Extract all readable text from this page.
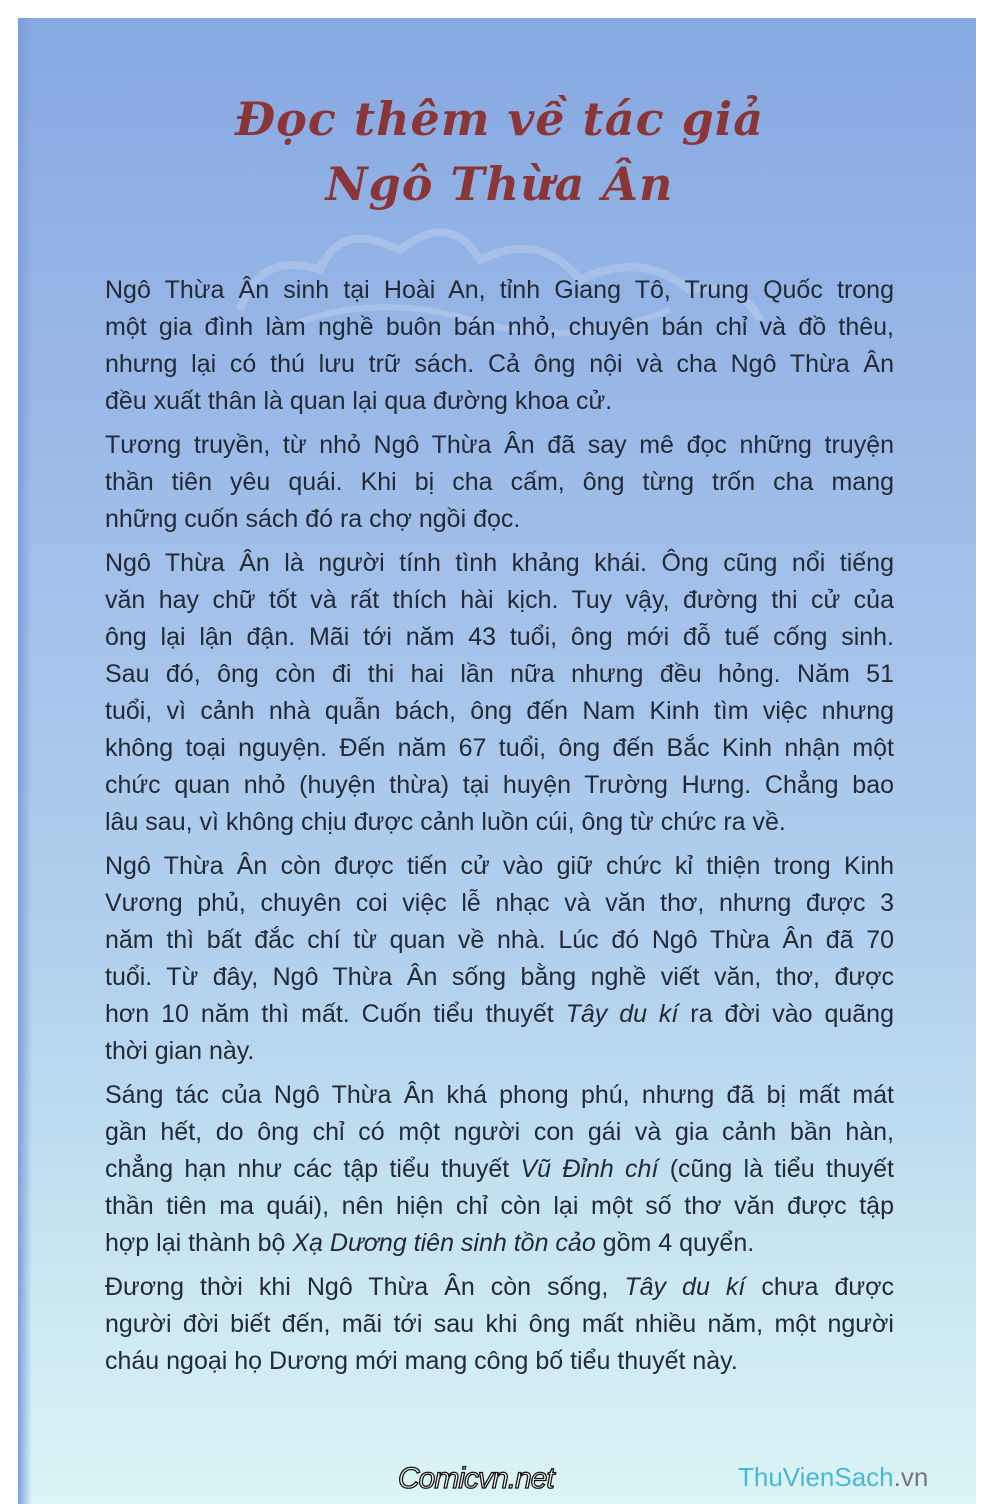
Đọc thêm về tác giả
Ngô Thừa Ân
Ngô Thừa Ân sinh tại Hoài An, tỉnh Giang Tô, Trung Quốc trong
một gia đình làm nghề buôn bán nhỏ, chuyên bán chỉ và đồ thêu,
nhưng lại có thú lưu trữ sách. Cả ông nội và cha Ngô Thừa Ân
đều xuất thân là quan lại qua đường khoa cử.
Tương truyền, từ nhỏ Ngô Thừa Ân đã say mê đọc những truyện
thần tiên yêu quái. Khi bị cha cấm, ông từng trốn cha mang
những cuốn sách đó ra chợ ngồi đọc.
Ngô Thừa Ân là người tính tình khảng khái. Ông cũng nổi tiếng
văn hay chữ tốt và rất thích hài kịch. Tuy vậy, đường thi cử của
ông lại lận đận. Mãi tới năm 43 tuổi, ông mới đỗ tuế cống sinh.
Sau đó, ông còn đi thi hai lần nữa nhưng đều hỏng. Năm 51
tuổi, vì cảnh nhà quẫn bách, ông đến Nam Kinh tìm việc nhưng
không toại nguyện. Đến năm 67 tuổi, ông đến Bắc Kinh nhận một
chức quan nhỏ (huyện thừa) tại huyện Trường Hưng. Chẳng bao
lâu sau, vì không chịu được cảnh luồn cúi, ông từ chức ra về.
Ngô Thừa Ân còn được tiến cử vào giữ chức kỉ thiện trong Kinh
Vương phủ, chuyên coi việc lễ nhạc và văn thơ, nhưng được 3
năm thì bất đắc chí từ quan về nhà. Lúc đó Ngô Thừa Ân đã 70
tuổi. Từ đây, Ngô Thừa Ân sống bằng nghề viết văn, thơ, được
hơn 10 năm thì mất. Cuốn tiểu thuyết Tây du kí ra đời vào quãng
thời gian này.
Sáng tác của Ngô Thừa Ân khá phong phú, nhưng đã bị mất mát
gần hết, do ông chỉ có một người con gái và gia cảnh bần hàn,
chẳng hạn như các tập tiểu thuyết Vũ Đỉnh chí (cũng là tiểu thuyết
thần tiên ma quái), nên hiện chỉ còn lại một số thơ văn được tập
hợp lại thành bộ Xạ Dương tiên sinh tồn cảo gồm 4 quyển.
Đương thời khi Ngô Thừa Ân còn sống, Tây du kí chưa được
người đời biết đến, mãi tới sau khi ông mất nhiều năm, một người
cháu ngoại họ Dương mới mang công bố tiểu thuyết này.
Comicvn.net	ThuVienSach.vn
